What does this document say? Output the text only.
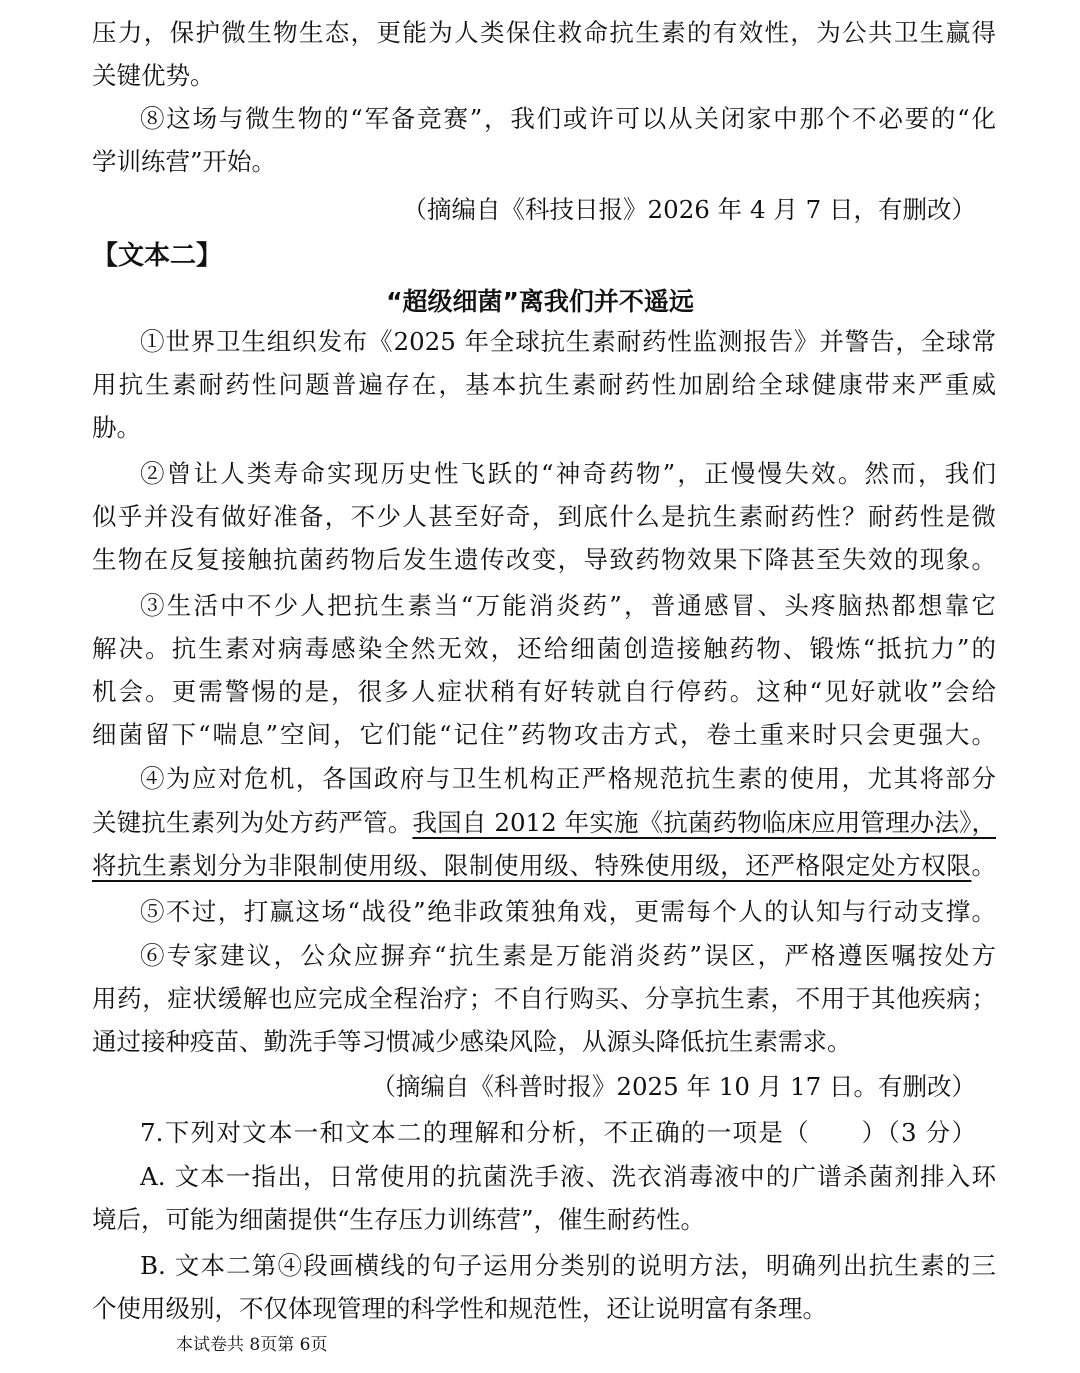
压力，保护微生物生态，更能为人类保住救命抗生素的有效性，为公共卫生赢得
关键优势。
⑧这场与微生物的“军备竞赛”，我们或许可以从关闭家中那个不必要的“化
学训练营”开始。
（摘编自《科技日报》2026 年 4 月 7 日，有删改）
【文本二】
“超级细菌”离我们并不遥远
①世界卫生组织发布《2025 年全球抗生素耐药性监测报告》并警告，全球常
用抗生素耐药性问题普遍存在，基本抗生素耐药性加剧给全球健康带来严重威
胁。
②曾让人类寿命实现历史性飞跃的“神奇药物”，正慢慢失效。然而，我们
似乎并没有做好准备，不少人甚至好奇，到底什么是抗生素耐药性？耐药性是微
生物在反复接触抗菌药物后发生遗传改变，导致药物效果下降甚至失效的现象。
③生活中不少人把抗生素当“万能消炎药”，普通感冒、头疼脑热都想靠它
解决。抗生素对病毒感染全然无效，还给细菌创造接触药物、锻炼“抵抗力”的
机会。更需警惕的是，很多人症状稍有好转就自行停药。这种“见好就收”会给
细菌留下“喘息”空间，它们能“记住”药物攻击方式，卷土重来时只会更强大。
④为应对危机，各国政府与卫生机构正严格规范抗生素的使用，尤其将部分
关键抗生素列为处方药严管。我国自 2012 年实施《抗菌药物临床应用管理办法》，
将抗生素划分为非限制使用级、限制使用级、特殊使用级，还严格限定处方权限。
⑤不过，打赢这场“战役”绝非政策独角戏，更需每个人的认知与行动支撑。
⑥专家建议，公众应摒弃“抗生素是万能消炎药”误区，严格遵医嘱按处方
用药，症状缓解也应完成全程治疗；不自行购买、分享抗生素，不用于其他疾病；
通过接种疫苗、勤洗手等习惯减少感染风险，从源头降低抗生素需求。
（摘编自《科普时报》2025 年 10 月 17 日。有删改）
7.下列对文本一和文本二的理解和分析，不正确的一项是（　　）（3 分）
A. 文本一指出，日常使用的抗菌洗手液、洗衣消毒液中的广谱杀菌剂排入环
境后，可能为细菌提供“生存压力训练营”，催生耐药性。
B. 文本二第④段画横线的句子运用分类别的说明方法，明确列出抗生素的三
个使用级别，不仅体现管理的科学性和规范性，还让说明富有条理。
本试卷共 8页第 6页
